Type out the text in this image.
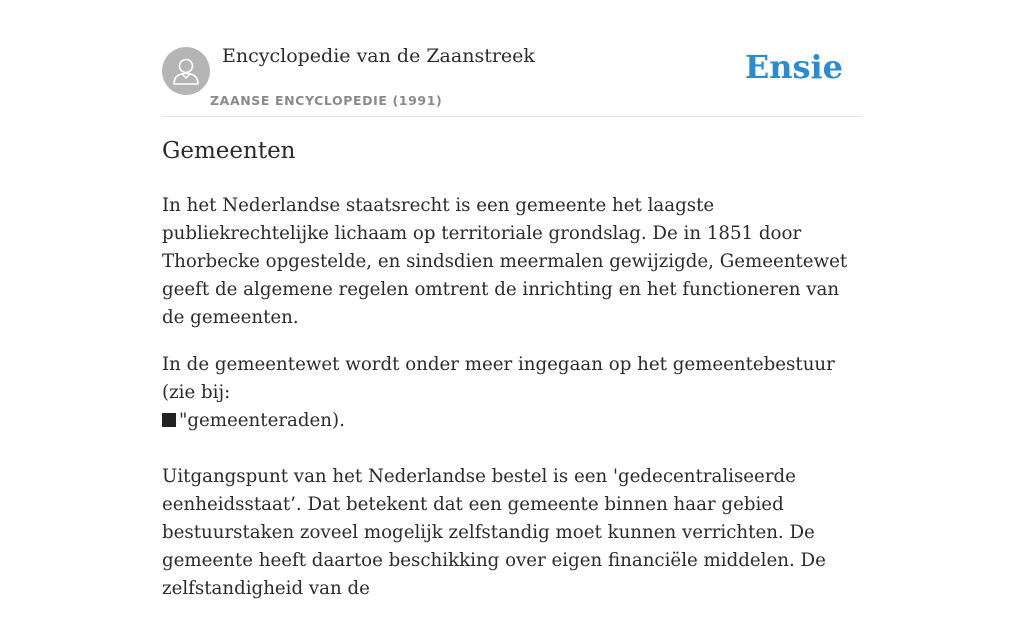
Encyclopedie van de Zaanstreek
ZAANSE ENCYCLOPEDIE (1991)
Ensie
Gemeenten

In het Nederlandse staatsrecht is een gemeente het laagste publiekrechtelijke lichaam op territoriale grondslag. De in 1851 door Thorbecke opgestelde, en sindsdien meermalen gewijzigde, Gemeentewet geeft de algemene regelen omtrent de inrichting en het functioneren van de gemeenten.

In de gemeentewet wordt onder meer ingegaan op het gemeentebestuur (zie bij:
"gemeenteraden).

Uitgangspunt van het Nederlandse bestel is een 'gedecentraliseerde eenheidsstaat’. Dat betekent dat een gemeente binnen haar gebied bestuurstaken zoveel mogelijk zelfstandig moet kunnen verrichten. De gemeente heeft daartoe beschikking over eigen financiële middelen. De zelfstandigheid van de
